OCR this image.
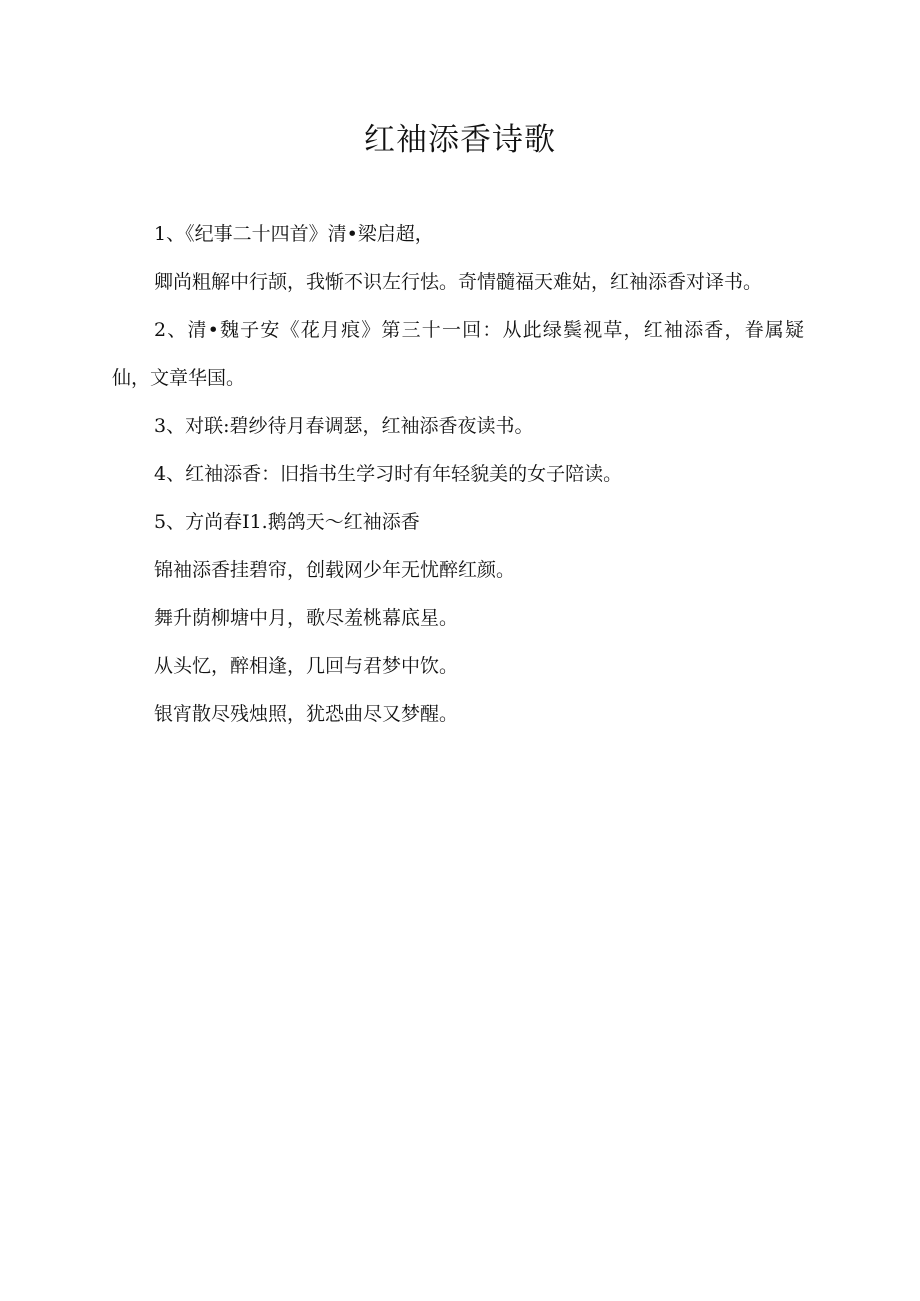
红袖添香诗歌

1、《纪事二十四首》清•梁启超，

卿尚粗解中行颉，我惭不识左行怯。奇情髓福天难姑，红袖添香对译书。

2、清•魏子安《花月痕》第三十一回：从此绿鬓视草，红袖添香，眷属疑仙，文章华国。

3、对联:碧纱待月春调瑟，红袖添香夜读书。

4、红袖添香：旧指书生学习时有年轻貌美的女子陪读。

5、方尚春I1.鹅鸽天～红袖添香

锦袖添香挂碧帘，创载网少年无忧醉红颜。

舞升荫柳塘中月，歌尽羞桃幕底星。

从头忆，醉相逢，几回与君梦中饮。

银宵散尽残烛照，犹恐曲尽又梦醒。
